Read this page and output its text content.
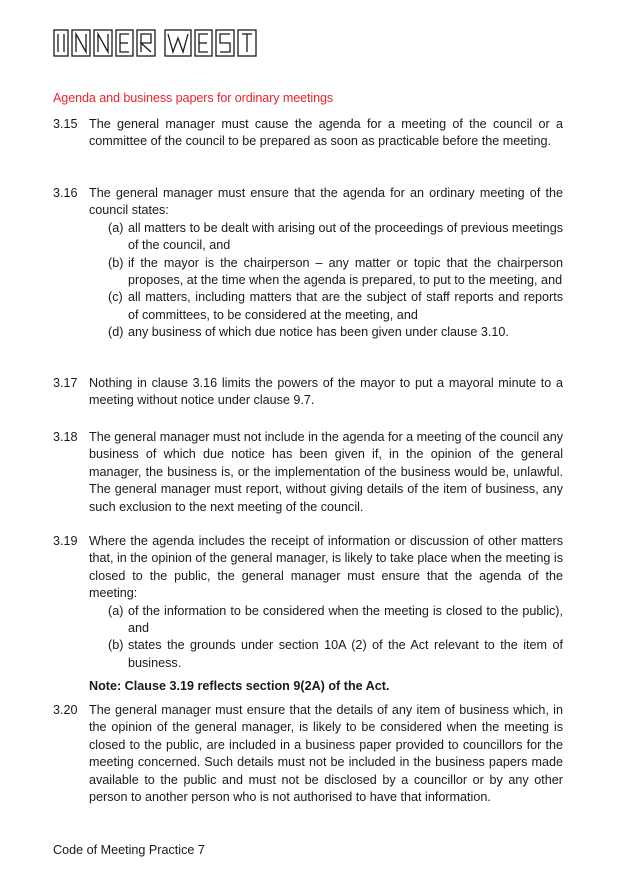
Agenda and business papers for ordinary meetings
3.15 The general manager must cause the agenda for a meeting of the council or a committee of the council to be prepared as soon as practicable before the meeting.
3.16 The general manager must ensure that the agenda for an ordinary meeting of the council states:
(a) all matters to be dealt with arising out of the proceedings of previous meetings of the council, and
(b) if the mayor is the chairperson – any matter or topic that the chairperson proposes, at the time when the agenda is prepared, to put to the meeting, and
(c) all matters, including matters that are the subject of staff reports and reports of committees, to be considered at the meeting, and
(d) any business of which due notice has been given under clause 3.10.
3.17 Nothing in clause 3.16 limits the powers of the mayor to put a mayoral minute to a meeting without notice under clause 9.7.
3.18 The general manager must not include in the agenda for a meeting of the council any business of which due notice has been given if, in the opinion of the general manager, the business is, or the implementation of the business would be, unlawful. The general manager must report, without giving details of the item of business, any such exclusion to the next meeting of the council.
3.19 Where the agenda includes the receipt of information or discussion of other matters that, in the opinion of the general manager, is likely to take place when the meeting is closed to the public, the general manager must ensure that the agenda of the meeting:
(a) of the information to be considered when the meeting is closed to the public), and
(b) states the grounds under section 10A (2) of the Act relevant to the item of business.
Note: Clause 3.19 reflects section 9(2A) of the Act.
3.20 The general manager must ensure that the details of any item of business which, in the opinion of the general manager, is likely to be considered when the meeting is closed to the public, are included in a business paper provided to councillors for the meeting concerned. Such details must not be included in the business papers made available to the public and must not be disclosed by a councillor or by any other person to another person who is not authorised to have that information.
Code of Meeting Practice 7
